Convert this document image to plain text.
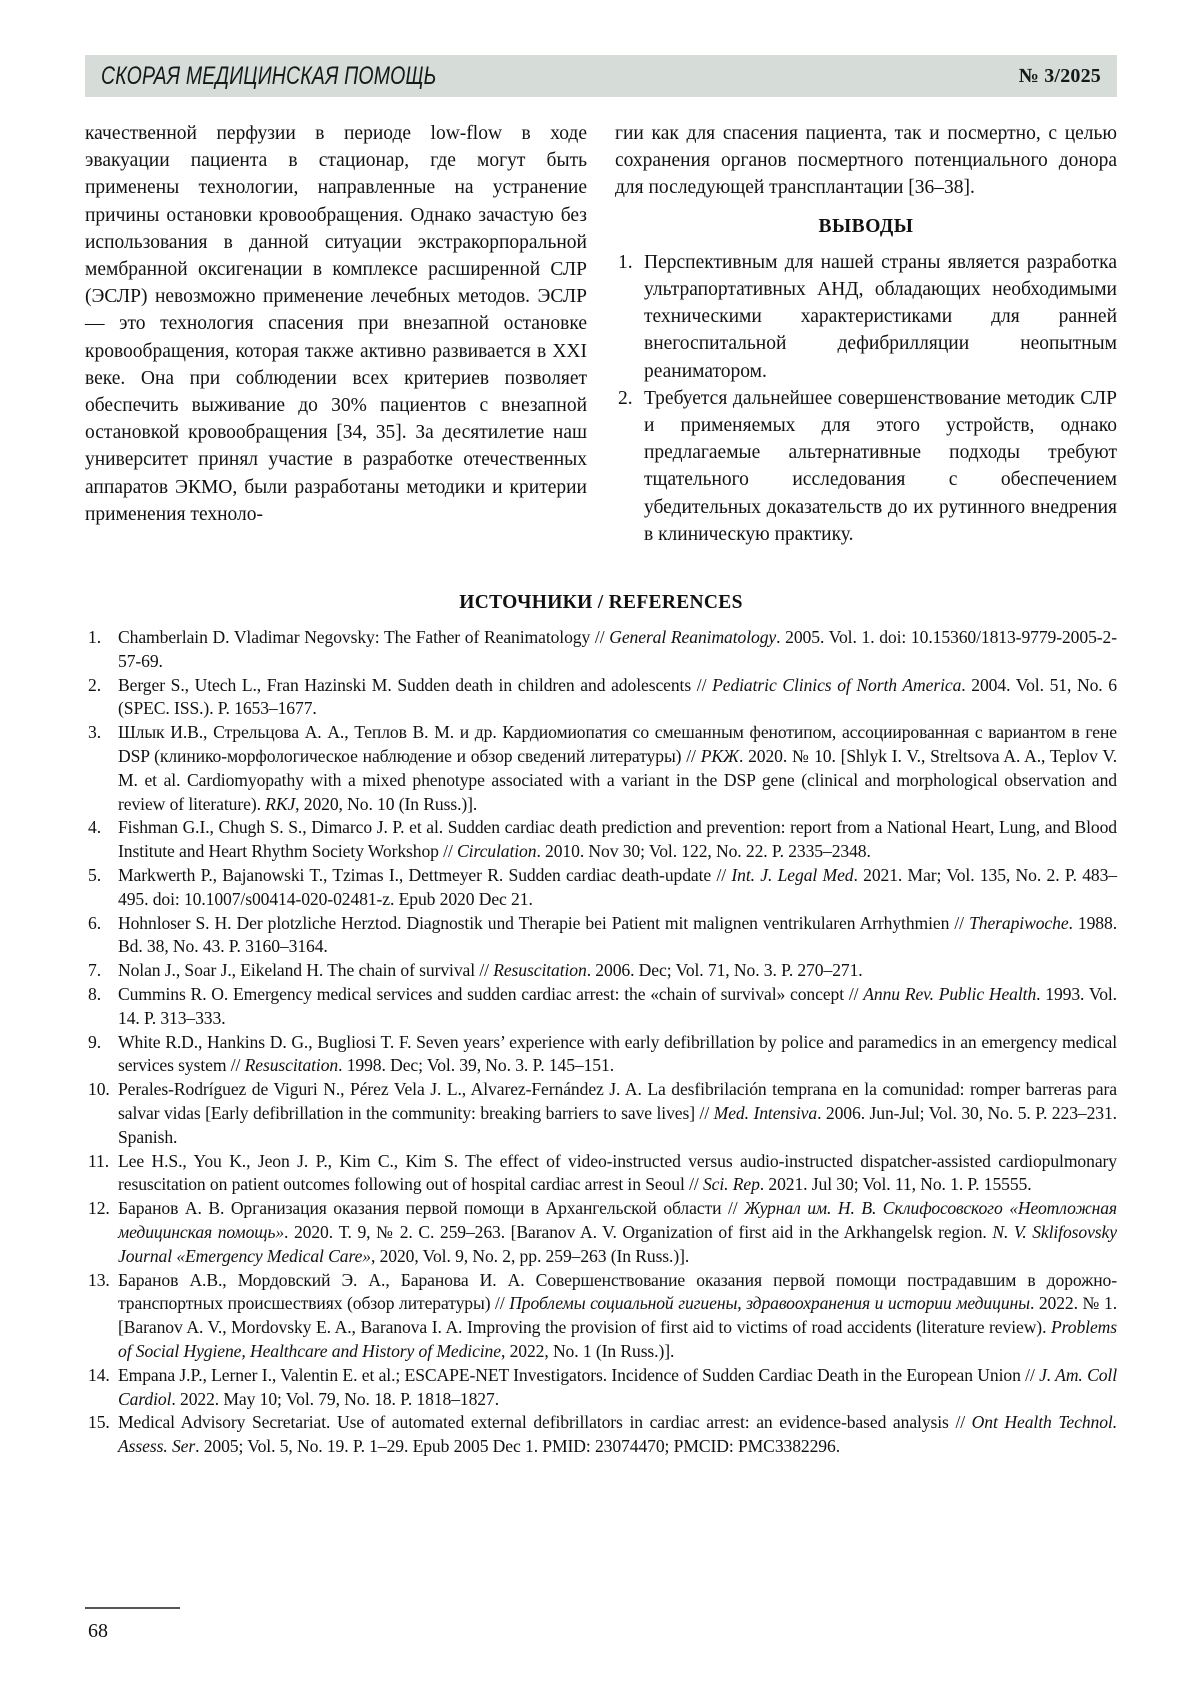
СКОРАЯ МЕДИЦИНСКАЯ ПОМОЩЬ	№ 3/2025

качественной перфузии в периоде low-flow в ходе эвакуации пациента в стационар, где могут быть применены технологии, направленные на устранение причины остановки кровообращения. Однако зачастую без использования в данной ситуации экстракорпоральной мембранной оксигенации в комплексе расширенной СЛР (ЭСЛР) невозможно применение лечебных методов. ЭСЛР — это технология спасения при внезапной остановке кровообращения, которая также активно развивается в XXI веке. Она при соблюдении всех критериев позволяет обеспечить выживание до 30% пациентов с внезапной остановкой кровообращения [34, 35]. За десятилетие наш университет принял участие в разработке отечественных аппаратов ЭКМО, были разработаны методики и критерии применения техноло-

гии как для спасения пациента, так и посмертно, с целью сохранения органов посмертного потенциального донора для последующей трансплантации [36–38].

ВЫВОДЫ
1. Перспективным для нашей страны является разработка ультрапортативных АНД, обладающих необходимыми техническими характеристиками для ранней внегоспитальной дефибрилляции неопытным реаниматором.
2. Требуется дальнейшее совершенствование методик СЛР и применяемых для этого устройств, однако предлагаемые альтернативные подходы требуют тщательного исследования с обеспечением убедительных доказательств до их рутинного внедрения в клиническую практику.
ИСТОЧНИКИ / REFERENCES
1. Chamberlain D. Vladimar Negovsky: The Father of Reanimatology // General Reanimatology. 2005. Vol. 1. doi: 10.15360/1813-9779-2005-2-57-69.
2. Berger S., Utech L., Fran Hazinski M. Sudden death in children and adolescents // Pediatric Clinics of North America. 2004. Vol. 51, No. 6 (SPEC. ISS.). P. 1653–1677.
3. Шлык И.В., Стрельцова А. А., Теплов В. М. и др. Кардиомиопатия со смешанным фенотипом, ассоциированная с вариантом в гене DSP (клинико-морфологическое наблюдение и обзор сведений литературы) // РКЖ. 2020. № 10. [Shlyk I. V., Streltsova A. A., Teplov V. M. et al. Cardiomyopathy with a mixed phenotype associated with a variant in the DSP gene (clinical and morphological observation and review of literature). RKJ, 2020, No. 10 (In Russ.)].
4. Fishman G.I., Chugh S. S., Dimarco J. P. et al. Sudden cardiac death prediction and prevention: report from a National Heart, Lung, and Blood Institute and Heart Rhythm Society Workshop // Circulation. 2010. Nov 30; Vol. 122, No. 22. P. 2335–2348.
5. Markwerth P., Bajanowski T., Tzimas I., Dettmeyer R. Sudden cardiac death-update // Int. J. Legal Med. 2021. Mar; Vol. 135, No. 2. P. 483–495. doi: 10.1007/s00414-020-02481-z. Epub 2020 Dec 21.
6. Hohnloser S. H. Der plotzliche Herztod. Diagnostik und Therapie bei Patient mit malignen ventrikularen Arrhythmien // Therapiwoche. 1988. Bd. 38, No. 43. P. 3160–3164.
7. Nolan J., Soar J., Eikeland H. The chain of survival // Resuscitation. 2006. Dec; Vol. 71, No. 3. P. 270–271.
8. Cummins R. O. Emergency medical services and sudden cardiac arrest: the «chain of survival» concept // Annu Rev. Public Health. 1993. Vol. 14. P. 313–333.
9. White R.D., Hankins D. G., Bugliosi T. F. Seven years’ experience with early defibrillation by police and paramedics in an emergency medical services system // Resuscitation. 1998. Dec; Vol. 39, No. 3. P. 145–151.
10. Perales-Rodríguez de Viguri N., Pérez Vela J. L., Alvarez-Fernández J. A. La desfibrilación temprana en la comunidad: romper barreras para salvar vidas [Early defibrillation in the community: breaking barriers to save lives] // Med. Intensiva. 2006. Jun-Jul; Vol. 30, No. 5. P. 223–231. Spanish.
11. Lee H.S., You K., Jeon J. P., Kim C., Kim S. The effect of video-instructed versus audio-instructed dispatcher-assisted cardiopulmonary resuscitation on patient outcomes following out of hospital cardiac arrest in Seoul // Sci. Rep. 2021. Jul 30; Vol. 11, No. 1. P. 15555.
12. Баранов А. В. Организация оказания первой помощи в Архангельской области // Журнал им. Н. В. Склифосовского «Неотложная медицинская помощь». 2020. Т. 9, № 2. С. 259–263. [Baranov A. V. Organization of first aid in the Arkhangelsk region. N. V. Sklifosovsky Journal «Emergency Medical Care», 2020, Vol. 9, No. 2, pp. 259–263 (In Russ.)].
13. Баранов А.В., Мордовский Э. А., Баранова И. А. Совершенствование оказания первой помощи пострадавшим в дорожно-транспортных происшествиях (обзор литературы) // Проблемы социальной гигиены, здравоохранения и истории медицины. 2022. № 1. [Baranov A. V., Mordovsky E. A., Baranova I. A. Improving the provision of first aid to victims of road accidents (literature review). Problems of Social Hygiene, Healthcare and History of Medicine, 2022, No. 1 (In Russ.)].
14. Empana J.P., Lerner I., Valentin E. et al.; ESCAPE-NET Investigators. Incidence of Sudden Cardiac Death in the European Union // J. Am. Coll Cardiol. 2022. May 10; Vol. 79, No. 18. P. 1818–1827.
15. Medical Advisory Secretariat. Use of automated external defibrillators in cardiac arrest: an evidence-based analysis // Ont Health Technol. Assess. Ser. 2005; Vol. 5, No. 19. P. 1–29. Epub 2005 Dec 1. PMID: 23074470; PMCID: PMC3382296.
68
